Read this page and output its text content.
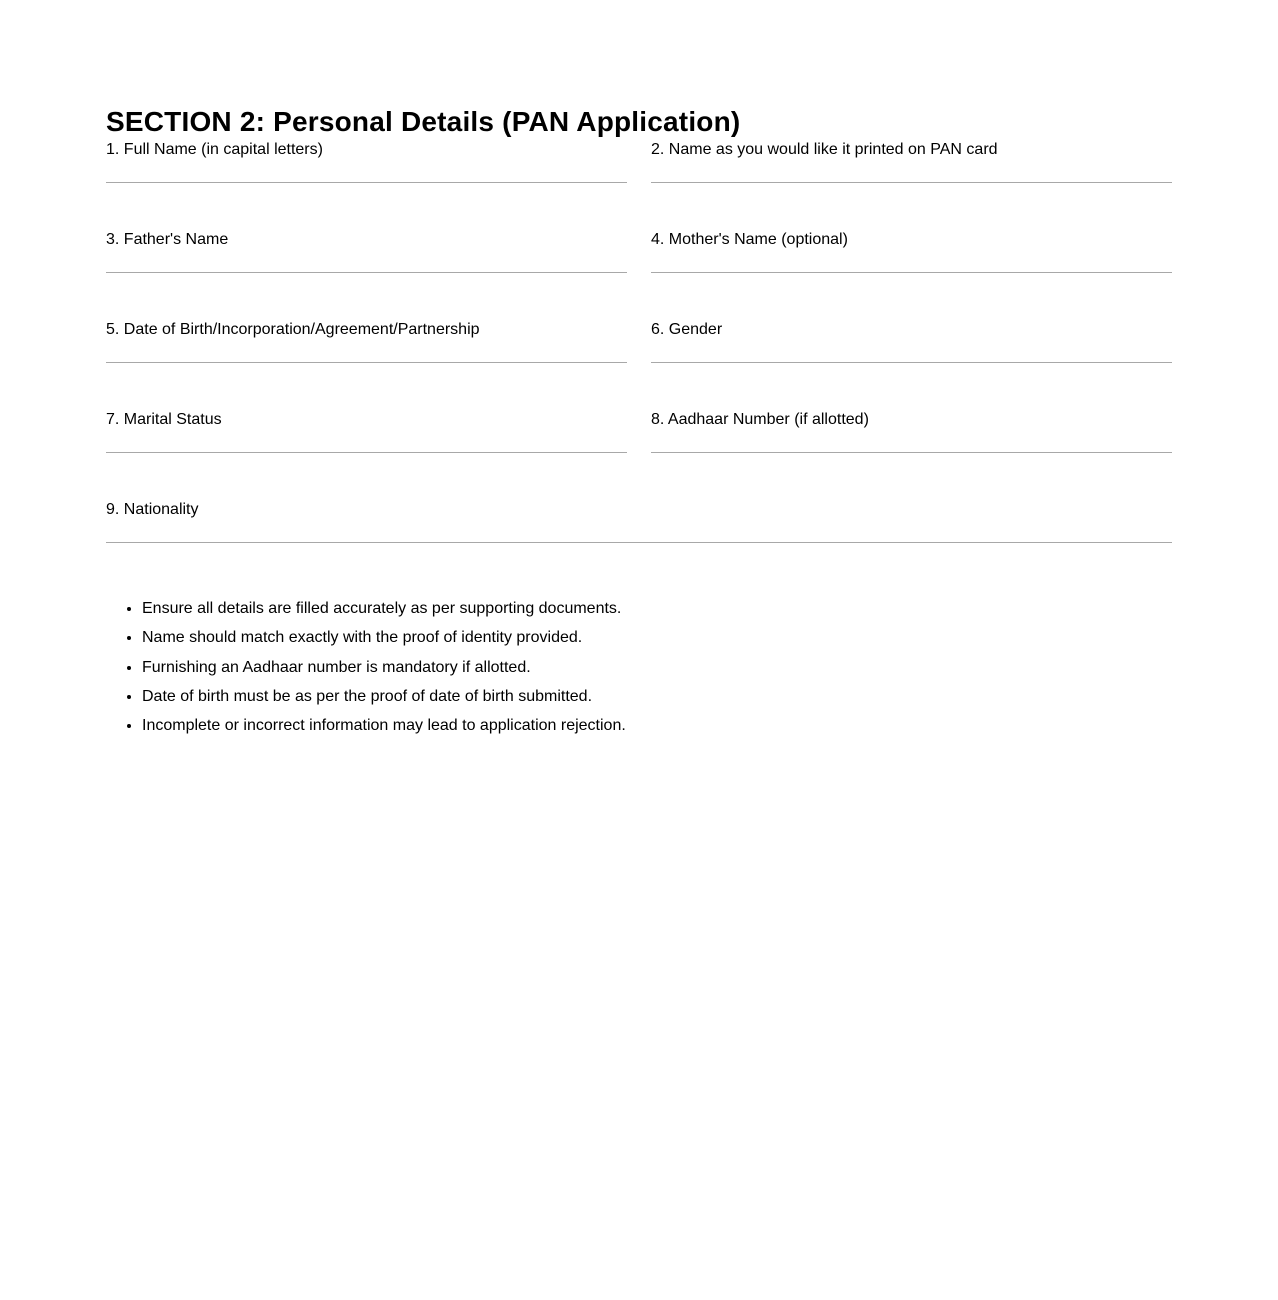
SECTION 2: Personal Details (PAN Application)
1. Full Name (in capital letters)	2. Name as you would like it printed on PAN card
3. Father's Name	4. Mother's Name (optional)
5. Date of Birth/Incorporation/Agreement/Partnership	6. Gender
7. Marital Status	8. Aadhaar Number (if allotted)
9. Nationality
• Ensure all details are filled accurately as per supporting documents.
• Name should match exactly with the proof of identity provided.
• Furnishing an Aadhaar number is mandatory if allotted.
• Date of birth must be as per the proof of date of birth submitted.
• Incomplete or incorrect information may lead to application rejection.
